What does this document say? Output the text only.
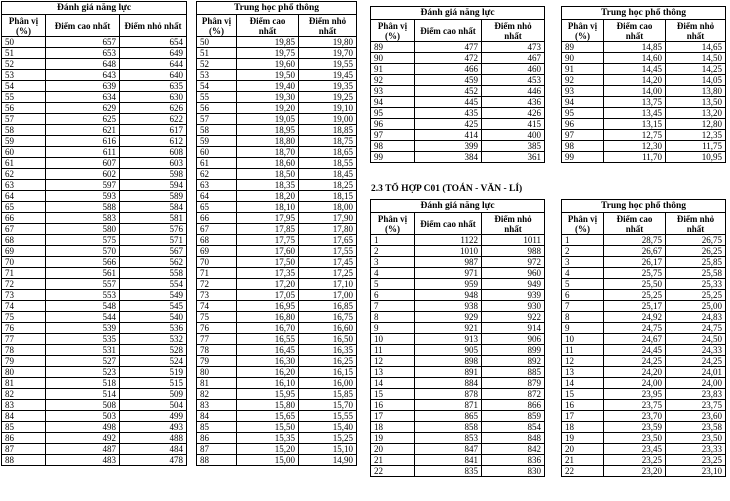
Đánh giá năng lực		
Phân vị (%)	Điểm cao nhất	Điểm nhỏ nhất
50	657	654
51	653	649
52	648	644
53	643	640
54	639	635
55	634	630
56	629	626
57	625	622
58	621	617
59	616	612
60	611	608
61	607	603
62	602	598
63	597	594
64	593	589
65	588	584
66	583	581
67	580	576
68	575	571
69	570	567
70	566	562
71	561	558
72	557	554
73	553	549
74	548	545
75	544	540
76	539	536
77	535	532
78	531	528
79	527	524
80	523	519
81	518	515
82	514	509
83	508	504
84	503	499
85	498	493
86	492	488
87	487	484
88	483	478
Trung học phổ thông		
Phân vị (%)	Điểm cao nhất	Điểm nhỏ nhất
50	19,85	19,80
51	19,75	19,70
52	19,60	19,55
53	19,50	19,45
54	19,40	19,35
55	19,30	19,25
56	19,20	19,10
57	19,05	19,00
58	18,95	18,85
59	18,80	18,75
60	18,70	18,65
61	18,60	18,55
62	18,50	18,45
63	18,35	18,25
64	18,20	18,15
65	18,10	18,00
66	17,95	17,90
67	17,85	17,80
68	17,75	17,65
69	17,60	17,55
70	17,50	17,45
71	17,35	17,25
72	17,20	17,10
73	17,05	17,00
74	16,95	16,85
75	16,80	16,75
76	16,70	16,60
77	16,55	16,50
78	16,45	16,35
79	16,30	16,25
80	16,20	16,15
81	16,10	16,00
82	15,95	15,85
83	15,80	15,70
84	15,65	15,55
85	15,50	15,40
86	15,35	15,25
87	15,20	15,10
88	15,00	14,90
Đánh giá năng lực		
Phân vị (%)	Điểm cao nhất	Điểm nhỏ nhất
89	477	473
90	472	467
91	466	460
92	459	453
93	452	446
94	445	436
95	435	426
96	425	415
97	414	400
98	399	385
99	384	361
Trung học phổ thông		
Phân vị (%)	Điểm cao nhất	Điểm nhỏ nhất
89	14,85	14,65
90	14,60	14,50
91	14,45	14,25
92	14,20	14,05
93	14,00	13,80
94	13,75	13,50
95	13,45	13,20
96	13,15	12,80
97	12,75	12,35
98	12,30	11,75
99	11,70	10,95
2.3 TỔ HỢP C01 (TOÁN - VĂN - LÍ)
Đánh giá năng lực		
Phân vị (%)	Điểm cao nhất	Điểm nhỏ nhất
1	1122	1011
2	1010	988
3	987	972
4	971	960
5	959	949
6	948	939
7	938	930
8	929	922
9	921	914
10	913	906
11	905	899
12	898	892
13	891	885
14	884	879
15	878	872
16	871	866
17	865	859
18	858	854
19	853	848
20	847	842
21	841	836
22	835	830
Trung học phổ thông		
Phân vị (%)	Điểm cao nhất	Điểm nhỏ nhất
1	28,75	26,75
2	26,67	26,25
3	26,17	25,85
4	25,75	25,58
5	25,50	25,33
6	25,25	25,25
7	25,17	25,00
8	24,92	24,83
9	24,75	24,75
10	24,67	24,50
11	24,45	24,33
12	24,25	24,25
13	24,20	24,01
14	24,00	24,00
15	23,95	23,83
16	23,75	23,75
17	23,70	23,60
18	23,59	23,58
19	23,50	23,50
20	23,45	23,33
21	23,25	23,25
22	23,20	23,10
